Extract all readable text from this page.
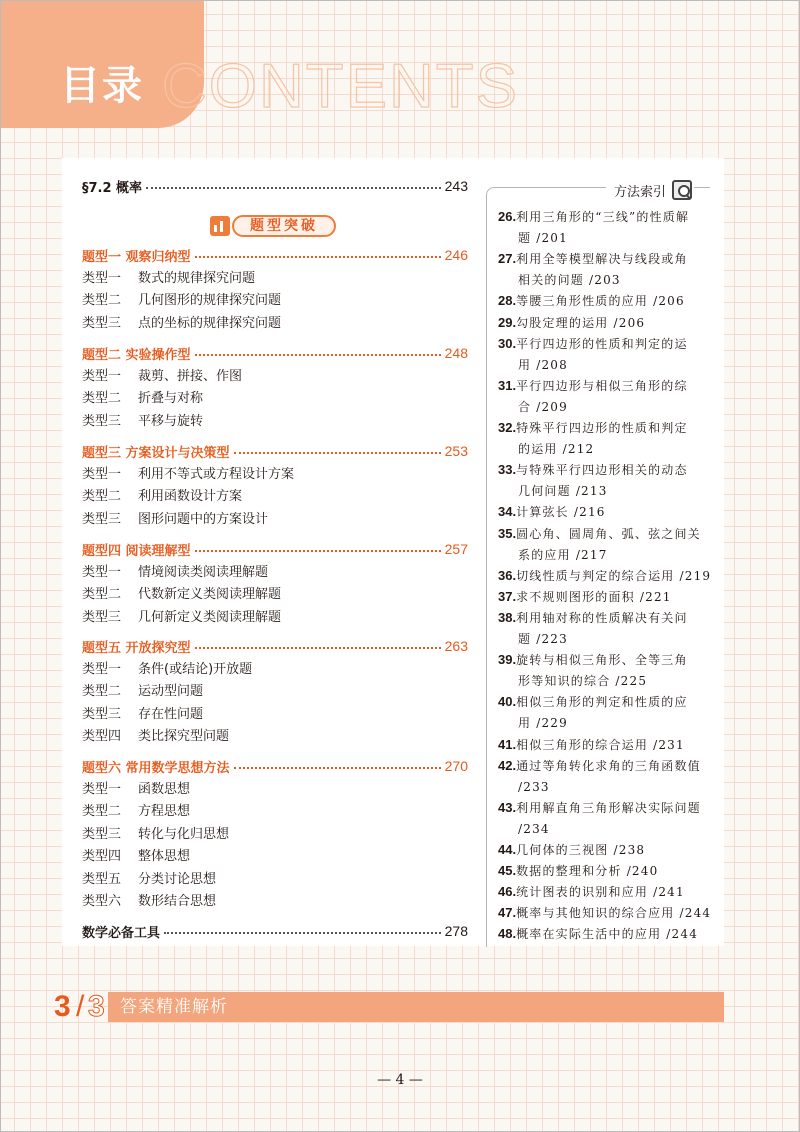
CONTENTS
目录
§7.2 概率	243
题型突破
题型一 观察归纳型	246
类型一	数式的规律探究问题
类型二	几何图形的规律探究问题
类型三	点的坐标的规律探究问题
题型二 实验操作型	248
类型一	裁剪、拼接、作图
类型二	折叠与对称
类型三	平移与旋转
题型三 方案设计与决策型	253
类型一	利用不等式或方程设计方案
类型二	利用函数设计方案
类型三	图形问题中的方案设计
题型四 阅读理解型	257
类型一	情境阅读类阅读理解题
类型二	代数新定义类阅读理解题
类型三	几何新定义类阅读理解题
题型五 开放探究型	263
类型一	条件(或结论)开放题
类型二	运动型问题
类型三	存在性问题
类型四	类比探究型问题
题型六 常用数学思想方法	270
类型一	函数思想
类型二	方程思想
类型三	转化与化归思想
类型四	整体思想
类型五	分类讨论思想
类型六	数形结合思想
数学必备工具	278
方法索引
26.利用三角形的“三线”的性质解
题 /201
27.利用全等模型解决与线段或角
相关的问题 /203
28.等腰三角形性质的应用 /206
29.勾股定理的运用 /206
30.平行四边形的性质和判定的运
用 /208
31.平行四边形与相似三角形的综
合 /209
32.特殊平行四边形的性质和判定
的运用 /212
33.与特殊平行四边形相关的动态
几何问题 /213
34.计算弦长 /216
35.圆心角、圆周角、弧、弦之间关
系的应用 /217
36.切线性质与判定的综合运用 /219
37.求不规则图形的面积 /221
38.利用轴对称的性质解决有关问
题 /223
39.旋转与相似三角形、全等三角
形等知识的综合 /225
40.相似三角形的判定和性质的应
用 /229
41.相似三角形的综合运用 /231
42.通过等角转化求角的三角函数值
/233
43.利用解直角三角形解决实际问题
/234
44.几何体的三视图 /238
45.数据的整理和分析 /240
46.统计图表的识别和应用 /241
47.概率与其他知识的综合应用 /244
48.概率在实际生活中的应用 /244
3 / 3 答案精准解析
— 4 —
